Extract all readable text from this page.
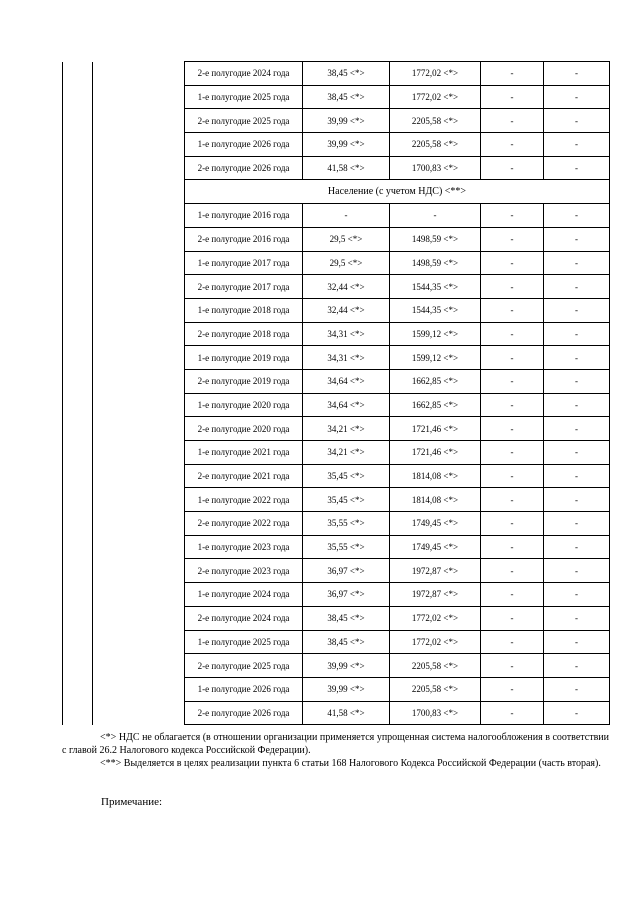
		2-е полугодие 2024 года	38,45 <*>	1772,02 <*>	-	-
		1-е полугодие 2025 года	38,45 <*>	1772,02 <*>	-	-
		2-е полугодие 2025 года	39,99 <*>	2205,58 <*>	-	-
		1-е полугодие 2026 года	39,99 <*>	2205,58 <*>	-	-
		2-е полугодие 2026 года	41,58 <*>	1700,83 <*>	-	-
		Население (с учетом НДС) <**>				
		1-е полугодие 2016 года	-	-	-	-
		2-е полугодие 2016 года	29,5 <*>	1498,59 <*>	-	-
		1-е полугодие 2017 года	29,5 <*>	1498,59 <*>	-	-
		2-е полугодие 2017 года	32,44 <*>	1544,35 <*>	-	-
		1-е полугодие 2018 года	32,44 <*>	1544,35 <*>	-	-
		2-е полугодие 2018 года	34,31 <*>	1599,12 <*>	-	-
		1-е полугодие 2019 года	34,31 <*>	1599,12 <*>	-	-
		2-е полугодие 2019 года	34,64 <*>	1662,85 <*>	-	-
		1-е полугодие 2020 года	34,64 <*>	1662,85 <*>	-	-
		2-е полугодие 2020 года	34,21 <*>	1721,46 <*>	-	-
		1-е полугодие 2021 года	34,21 <*>	1721,46 <*>	-	-
		2-е полугодие 2021 года	35,45 <*>	1814,08 <*>	-	-
		1-е полугодие 2022 года	35,45 <*>	1814,08 <*>	-	-
		2-е полугодие 2022 года	35,55 <*>	1749,45 <*>	-	-
		1-е полугодие 2023 года	35,55 <*>	1749,45 <*>	-	-
		2-е полугодие 2023 года	36,97 <*>	1972,87 <*>	-	-
		1-е полугодие 2024 года	36,97 <*>	1972,87 <*>	-	-
		2-е полугодие 2024 года	38,45 <*>	1772,02 <*>	-	-
		1-е полугодие 2025 года	38,45 <*>	1772,02 <*>	-	-
		2-е полугодие 2025 года	39,99 <*>	2205,58 <*>	-	-
		1-е полугодие 2026 года	39,99 <*>	2205,58 <*>	-	-
		2-е полугодие 2026 года	41,58 <*>	1700,83 <*>	-	-

<*> НДС не облагается (в отношении организации применяется упрощенная система налогообложения в соответствии с главой 26.2 Налогового кодекса Российской Федерации).

<**> Выделяется в целях реализации пункта 6 статьи 168 Налогового Кодекса Российской Федерации (часть вторая).

Примечание:
